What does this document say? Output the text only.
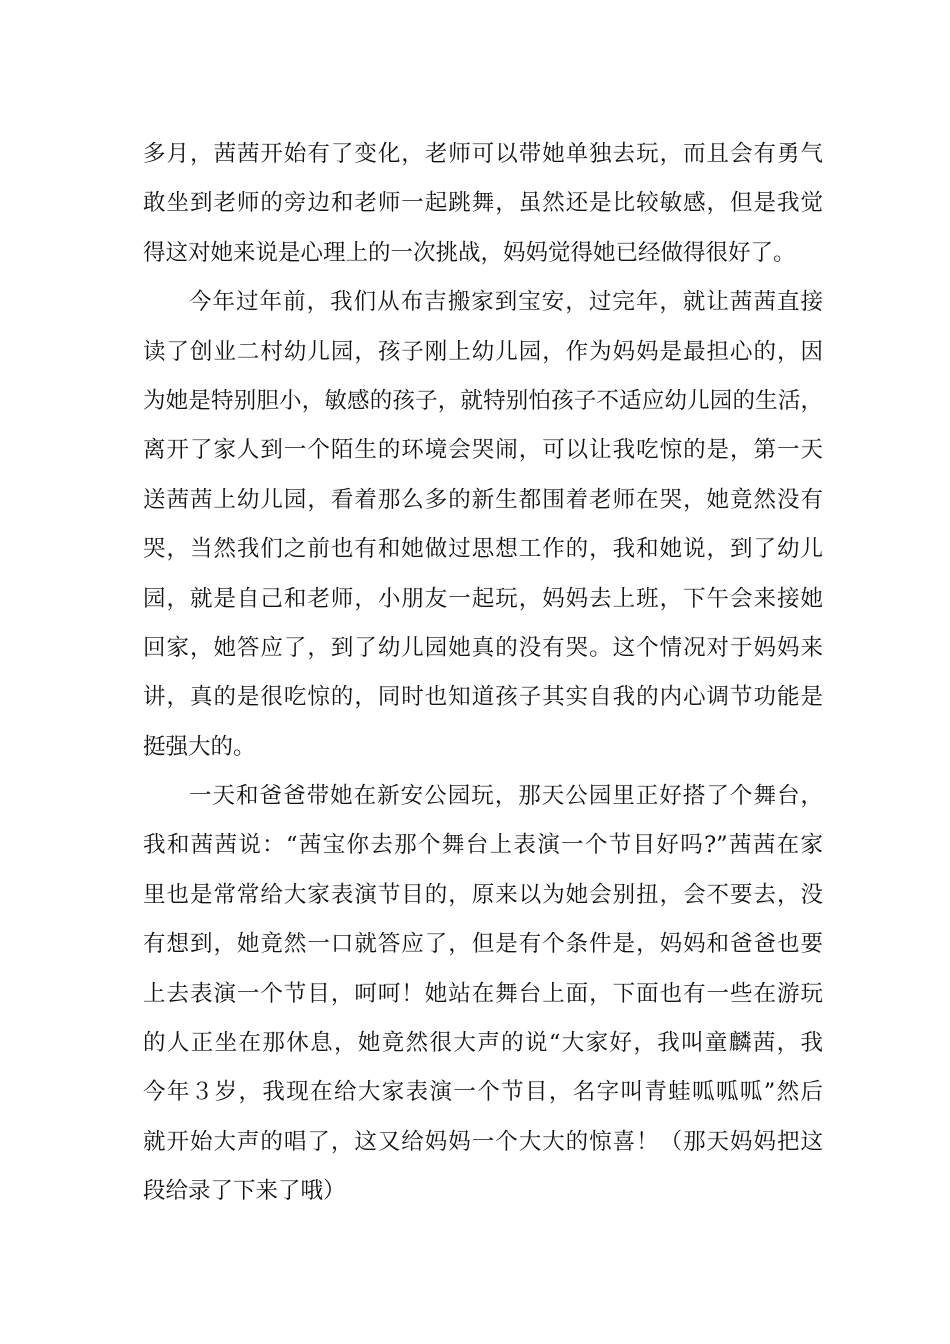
多月，茜茜开始有了变化，老师可以带她单独去玩，而且会有勇气
敢坐到老师的旁边和老师一起跳舞，虽然还是比较敏感，但是我觉
得这对她来说是心理上的一次挑战，妈妈觉得她已经做得很好了。
今年过年前，我们从布吉搬家到宝安，过完年，就让茜茜直接
读了创业二村幼儿园，孩子刚上幼儿园，作为妈妈是最担心的，因
为她是特别胆小，敏感的孩子，就特别怕孩子不适应幼儿园的生活，
离开了家人到一个陌生的环境会哭闹，可以让我吃惊的是，第一天
送茜茜上幼儿园，看着那么多的新生都围着老师在哭，她竟然没有
哭，当然我们之前也有和她做过思想工作的，我和她说，到了幼儿
园，就是自己和老师，小朋友一起玩，妈妈去上班，下午会来接她
回家，她答应了，到了幼儿园她真的没有哭。这个情况对于妈妈来
讲，真的是很吃惊的，同时也知道孩子其实自我的内心调节功能是
挺强大的。
一天和爸爸带她在新安公园玩，那天公园里正好搭了个舞台，
我和茜茜说：“茜宝你去那个舞台上表演一个节目好吗?”茜茜在家
里也是常常给大家表演节目的，原来以为她会别扭，会不要去，没
有想到，她竟然一口就答应了，但是有个条件是，妈妈和爸爸也要
上去表演一个节目，呵呵！她站在舞台上面，下面也有一些在游玩
的人正坐在那休息，她竟然很大声的说“大家好，我叫童麟茜，我
今年３岁，我现在给大家表演一个节目，名字叫青蛙呱呱呱”然后
就开始大声的唱了，这又给妈妈一个大大的惊喜！（那天妈妈把这
段给录了下来了哦）
